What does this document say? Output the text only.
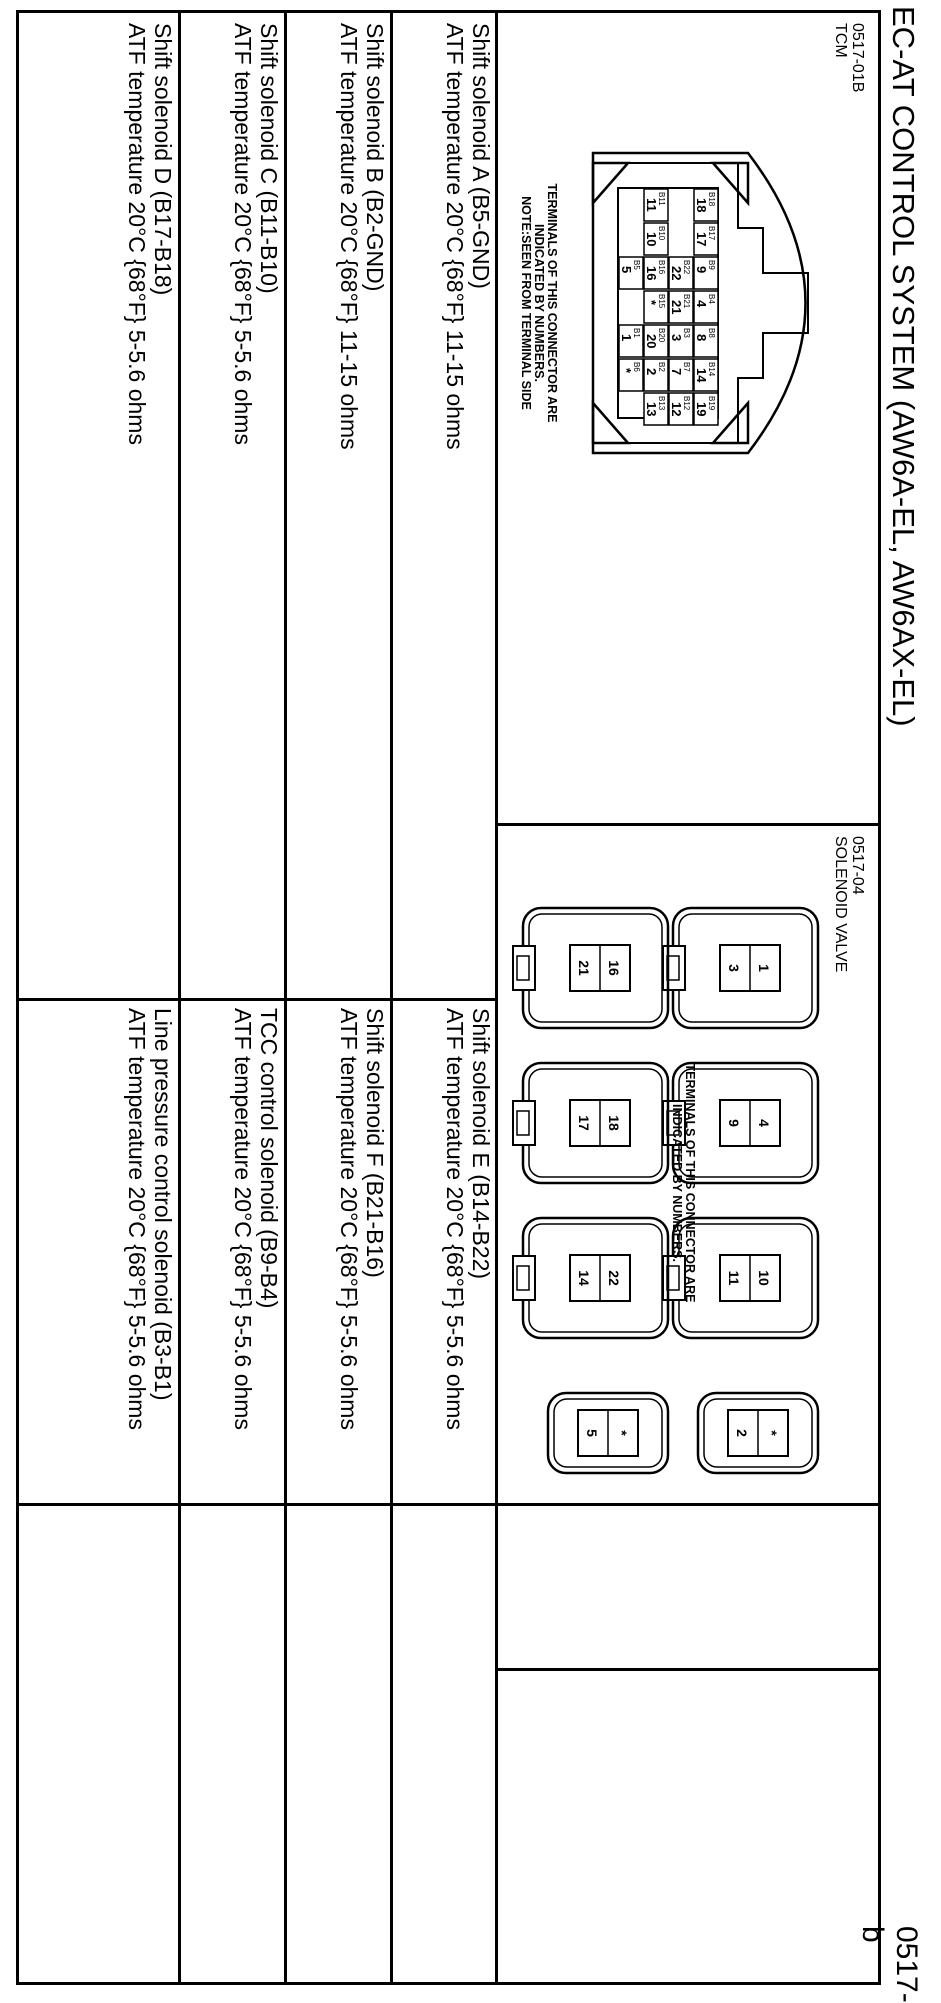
EC-AT CONTROL SYSTEM (AW6A-EL, AW6AX-EL)
0517-b
0517-01B
TCM
B18
18
B11
11
B17
17
B10
10
B22
22
B16
16
B9
9
B4
4
B21
21
B15
*
B8
8
B3
3
B20
20
B14
14
B7
7
B2
2
B19
19
B13
13
B6
*
B1
1
B12
12
B5
5
TERMINALS OF THIS CONNECTOR ARE
INDICATED BY NUMBERS.
NOTE:SEEN FROM TERMINAL SIDE
0517-04
SOLENOID VALVE
1
3
4
9
10
11
*
2
16
21
18
17
22
14
*
5
TERMINALS OF THIS CONNECTOR ARE
INDICATED BY NUMBERS.
Shift solenoid A (B5-GND)
ATF temperature 20°C {68°F} 11-15 ohms
Shift solenoid B (B2-GND)
ATF temperature 20°C {68°F} 11-15 ohms
Shift solenoid C (B11-B10)
ATF temperature 20°C {68°F} 5-5.6 ohms
Shift solenoid D (B17-B18)
ATF temperature 20°C {68°F} 5-5.6 ohms
Shift solenoid E (B14-B22)
ATF temperature 20°C {68°F} 5-5.6 ohms
Shift solenoid F (B21-B16)
ATF temperature 20°C {68°F} 5-5.6 ohms
TCC control solenoid (B9-B4)
ATF temperature 20°C {68°F} 5-5.6 ohms
Line pressure control solenoid (B3-B1)
ATF temperature 20°C {68°F} 5-5.6 ohms
